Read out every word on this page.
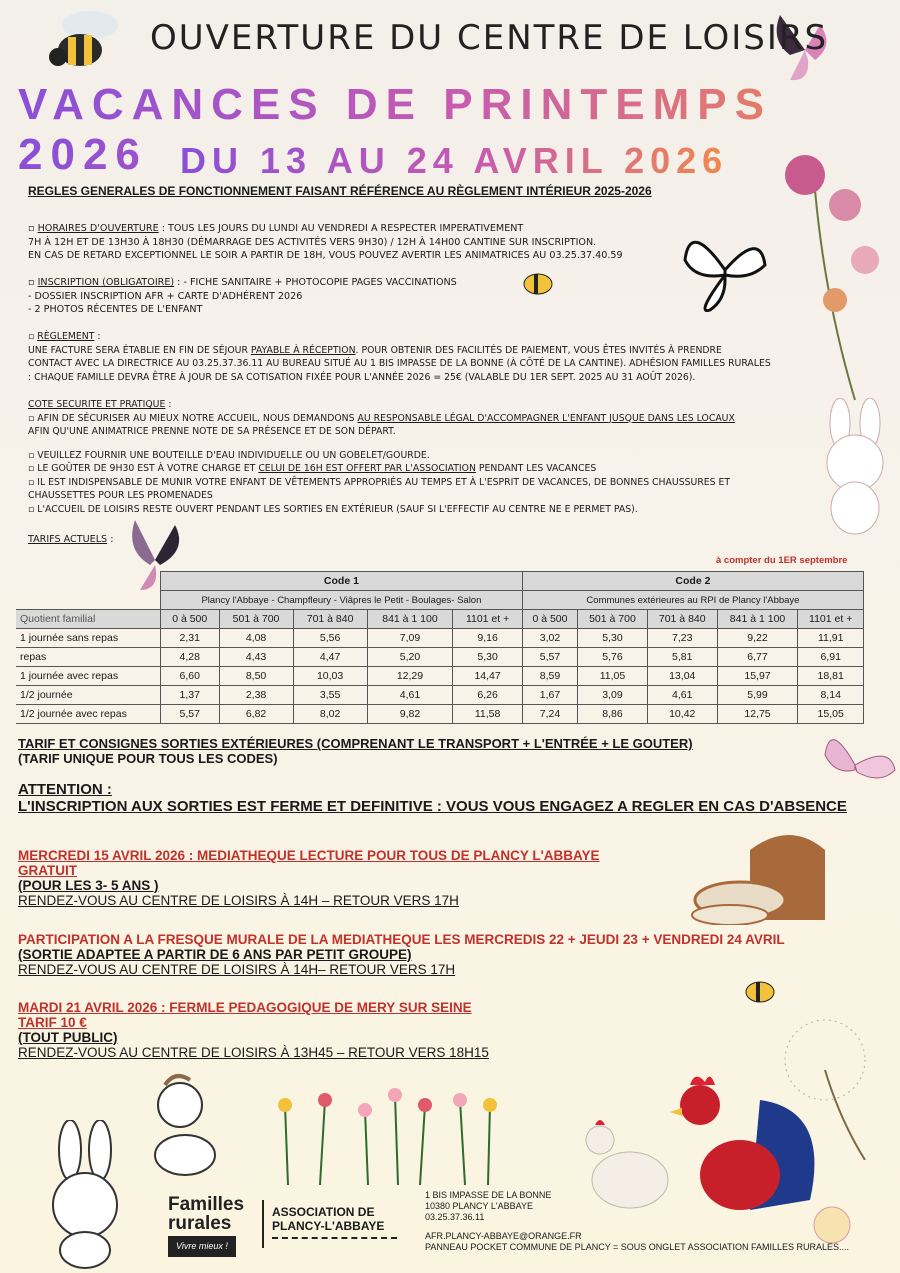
OUVERTURE DU CENTRE DE LOISIRS
VACANCES DE PRINTEMPS 2026 DU 13 AU 24 AVRIL 2026
REGLES GENERALES DE FONCTIONNEMENT FAISANT RÉFÉRENCE AU RÈGLEMENT INTÉRIEUR 2025-2026
▫ HORAIRES D'OUVERTURE : TOUS LES JOURS DU LUNDI AU VENDREDI A RESPECTER IMPERATIVEMENT
7H À 12H ET DE 13H30 À 18H30 (DÉMARRAGE DES ACTIVITÉS VERS 9H30) / 12H À 14H00 CANTINE SUR INSCRIPTION.
EN CAS DE RETARD EXCEPTIONNEL LE SOIR A PARTIR DE 18H, VOUS POUVEZ AVERTIR LES ANIMATRICES AU 03.25.37.40.59
▫ INSCRIPTION (OBLIGATOIRE) : - FICHE SANITAIRE + PHOTOCOPIE PAGES VACCINATIONS
- DOSSIER INSCRIPTION AFR + CARTE D'ADHÉRENT 2026
- 2 PHOTOS RÉCENTES DE L'ENFANT
▫ RÈGLEMENT :
UNE FACTURE SERA ÉTABLIE EN FIN DE SÉJOUR PAYABLE À RÉCEPTION. POUR OBTENIR DES FACILITÉS DE PAIEMENT, VOUS ÊTES INVITÉS À PRENDRE
CONTACT AVEC LA DIRECTRICE AU 03.25.37.36.11 AU BUREAU SITUÉ AU 1 BIS IMPASSE DE LA BONNE (À CÔTÉ DE LA CANTINE). ADHÉSION FAMILLES RURALES
: CHAQUE FAMILLE DEVRA ÊTRE À JOUR DE SA COTISATION FIXÉE POUR L'ANNÉE 2026 = 25€ (VALABLE DU 1ER SEPT. 2025 AU 31 AOÛT 2026).
COTE SECURITE ET PRATIQUE :
▫ AFIN DE SÉCURISER AU MIEUX NOTRE ACCUEIL, NOUS DEMANDONS AU RESPONSABLE LÉGAL D'ACCOMPAGNER L'ENFANT JUSQUE DANS LES LOCAUX
AFIN QU'UNE ANIMATRICE PRENNE NOTE DE SA PRÉSENCE ET DE SON DÉPART.
▫ VEUILLEZ FOURNIR UNE BOUTEILLE D'EAU INDIVIDUELLE OU UN GOBELET/GOURDE.
▫ LE GOÛTER DE 9H30 EST À VOTRE CHARGE ET CELUI DE 16H EST OFFERT PAR L'ASSOCIATION PENDANT LES VACANCES
▫ IL EST INDISPENSABLE DE MUNIR VOTRE ENFANT DE VÊTEMENTS APPROPRIÉS AU TEMPS ET À L'ESPRIT DE VACANCES, DE BONNES CHAUSSURES ET
CHAUSSETTES POUR LES PROMENADES
▫ L'ACCUEIL DE LOISIRS RESTE OUVERT PENDANT LES SORTIES EN EXTÉRIEUR (SAUF SI L'EFFECTIF AU CENTRE NE E PERMET PAS).
TARIFS ACTUELS :
à compter du 1ER septembre
	Code 1					Code 2				
	Plancy l'Abbaye - Champfleury - Viâpres le Petit - Boulages- Salon					Communes extérieures au RPI de Plancy l'Abbaye				
Quotient familial	0 à 500	501 à 700	701 à 840	841 à 1 100	1101 et +	0 à 500	501 à 700	701 à 840	841 à 1 100	1101 et +
1 journée sans repas	2,31	4,08	5,56	7,09	9,16	3,02	5,30	7,23	9,22	11,91
repas	4,28	4,43	4,47	5,20	5,30	5,57	5,76	5,81	6,77	6,91
1 journée avec repas	6,60	8,50	10,03	12,29	14,47	8,59	11,05	13,04	15,97	18,81
1/2 journée	1,37	2,38	3,55	4,61	6,26	1,67	3,09	4,61	5,99	8,14
1/2 journée avec repas	5,57	6,82	8,02	9,82	11,58	7,24	8,86	10,42	12,75	15,05
TARIF ET CONSIGNES SORTIES EXTÉRIEURES (COMPRENANT LE TRANSPORT + L'ENTRÉE + LE GOUTER)
(TARIF UNIQUE POUR TOUS LES CODES)
ATTENTION :
L'INSCRIPTION AUX SORTIES EST FERME ET DEFINITIVE : VOUS VOUS ENGAGEZ A REGLER EN CAS D'ABSENCE
MERCREDI 15 AVRIL 2026 : MEDIATHEQUE LECTURE POUR TOUS DE PLANCY L'ABBAYE
GRATUIT
(POUR LES 3- 5 ANS )
RENDEZ-VOUS AU CENTRE DE LOISIRS À 14H – RETOUR VERS 17H
PARTICIPATION A LA FRESQUE MURALE DE LA MEDIATHEQUE LES MERCREDIS 22 + JEUDI 23 + VENDREDI 24 AVRIL
(SORTIE ADAPTEE A PARTIR DE 6 ANS PAR PETIT GROUPE)
RENDEZ-VOUS AU CENTRE DE LOISIRS À 14H– RETOUR VERS 17H
MARDI 21 AVRIL 2026 : FERMLE PEDAGOGIQUE DE MERY SUR SEINE
TARIF 10 €
(TOUT PUBLIC)
RENDEZ-VOUS AU CENTRE DE LOISIRS À 13H45 – RETOUR VERS 18H15
Familles
rurales
Vivre mieux !
ASSOCIATION DE
PLANCY-L'ABBAYE
1 BIS IMPASSE DE LA BONNE
10380 PLANCY L'ABBAYE
03.25.37.36.11
AFR.PLANCY-ABBAYE@ORANGE.FR
PANNEAU POCKET COMMUNE DE PLANCY = SOUS ONGLET ASSOCIATION FAMILLES RURALES....
